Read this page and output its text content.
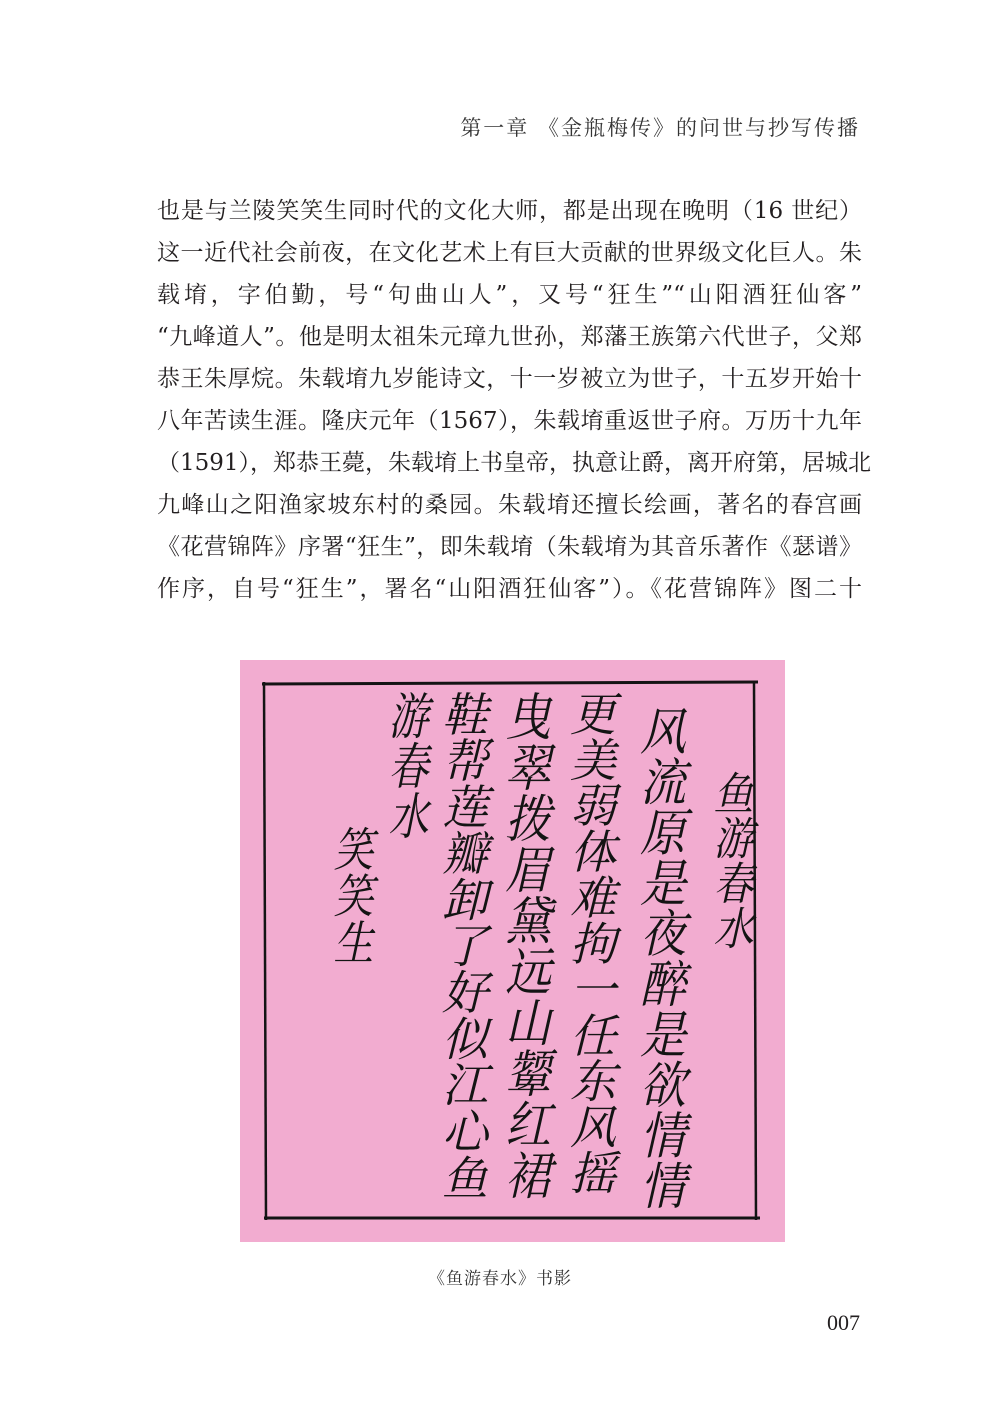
第一章 《金瓶梅传》的问世与抄写传播
也是与兰陵笑笑生同时代的文化大师，都是出现在晚明（16 世纪）
这一近代社会前夜，在文化艺术上有巨大贡献的世界级文化巨人。朱
载堉，字伯勤，号“句曲山人”，又号“狂生”“山阳酒狂仙客”
“九峰道人”。他是明太祖朱元璋九世孙，郑藩王族第六代世子，父郑
恭王朱厚烷。朱载堉九岁能诗文，十一岁被立为世子，十五岁开始十
八年苦读生涯。隆庆元年（1567），朱载堉重返世子府。万历十九年
（1591），郑恭王薨，朱载堉上书皇帝，执意让爵，离开府第，居城北
九峰山之阳渔家坡东村的桑园。朱载堉还擅长绘画，著名的春宫画
《花营锦阵》序署“狂生”，即朱载堉（朱载堉为其音乐著作《瑟谱》
作序，自号“狂生”，署名“山阳酒狂仙客”）。《花营锦阵》图二十
鱼游春水
风流原是夜醉是欲情情
更美弱体难拘一任东风摇
曳翠拨眉黛远山颦红裙
鞋帮莲瓣卸了好似江心鱼
游春水
笑笑生
《鱼游春水》书影
007
